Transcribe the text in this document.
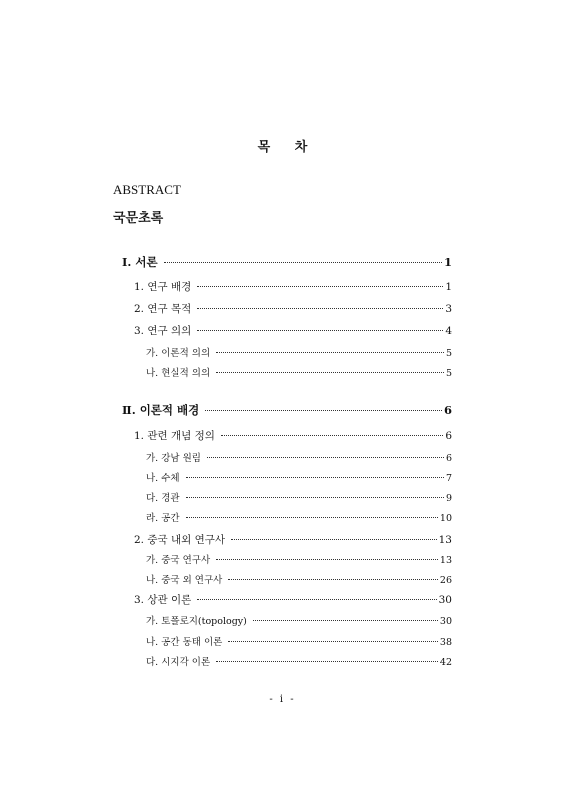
목 차
ABSTRACT
국문초록
Ⅰ. 서론	1
1. 연구 배경	1
2. 연구 목적	3
3. 연구 의의	4
가. 이론적 의의	5
나. 현실적 의의	5
Ⅱ. 이론적 배경	6
1. 관련 개념 정의	6
가. 강남 원림	6
나. 수체	7
다. 경관	9
라. 공간	10
2. 중국 내외 연구사	13
가. 중국 연구사	13
나. 중국 외 연구사	26
3. 상관 이론	30
가. 토폴로지(topology)	30
나. 공간 동태 이론	38
다. 시지각 이론	42
- i -
